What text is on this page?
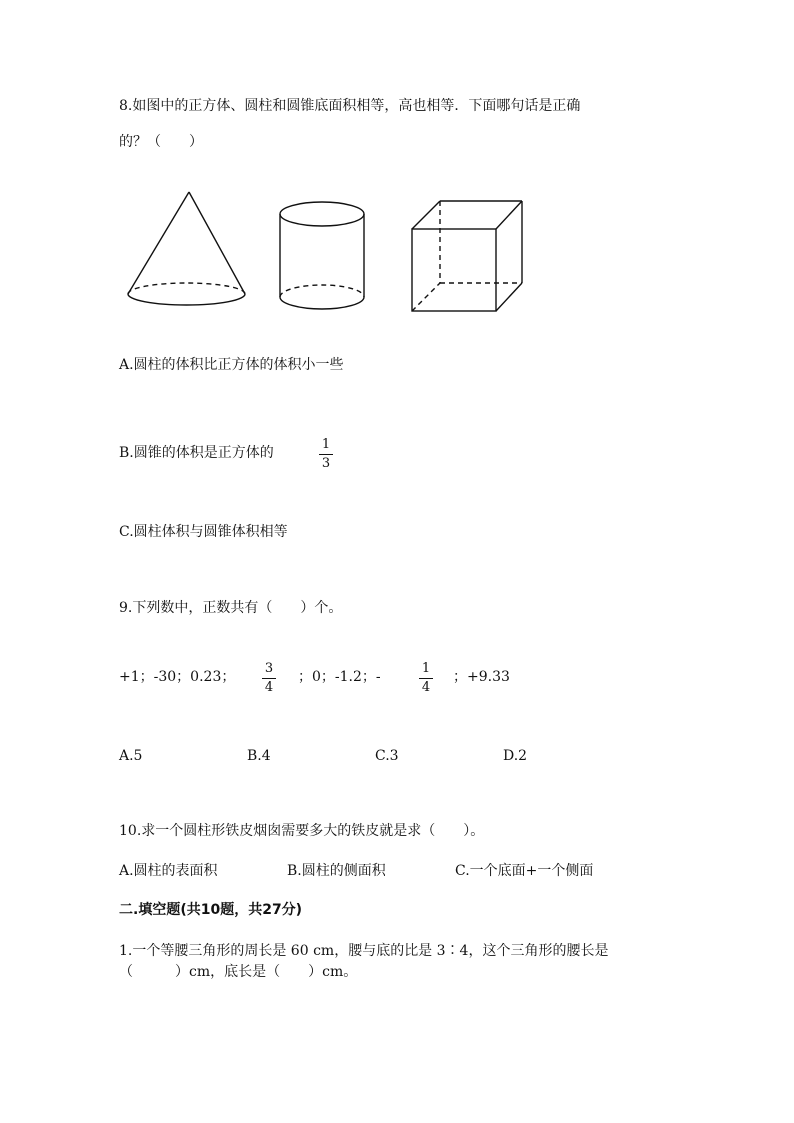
8.如图中的正方体、圆柱和圆锥底面积相等，高也相等．下面哪句话是正确
的？（　　）
A.圆柱的体积比正方体的体积小一些
B.圆锥的体积是正方体的
1
3
C.圆柱体积与圆锥体积相等
9.下列数中，正数共有（　　）个。
+1；-30；0.23；
3
4
；0；-1.2；-
1
4
；+9.33
A.5	B.4	C.3	D.2
10.求一个圆柱形铁皮烟囱需要多大的铁皮就是求（　　）。
A.圆柱的表面积	B.圆柱的侧面积	C.一个底面+一个侧面
二.填空题(共10题，共27分)
1.一个等腰三角形的周长是 60 cm，腰与底的比是 3∶4，这个三角形的腰长是
（　　　）cm，底长是（　　）cm。
